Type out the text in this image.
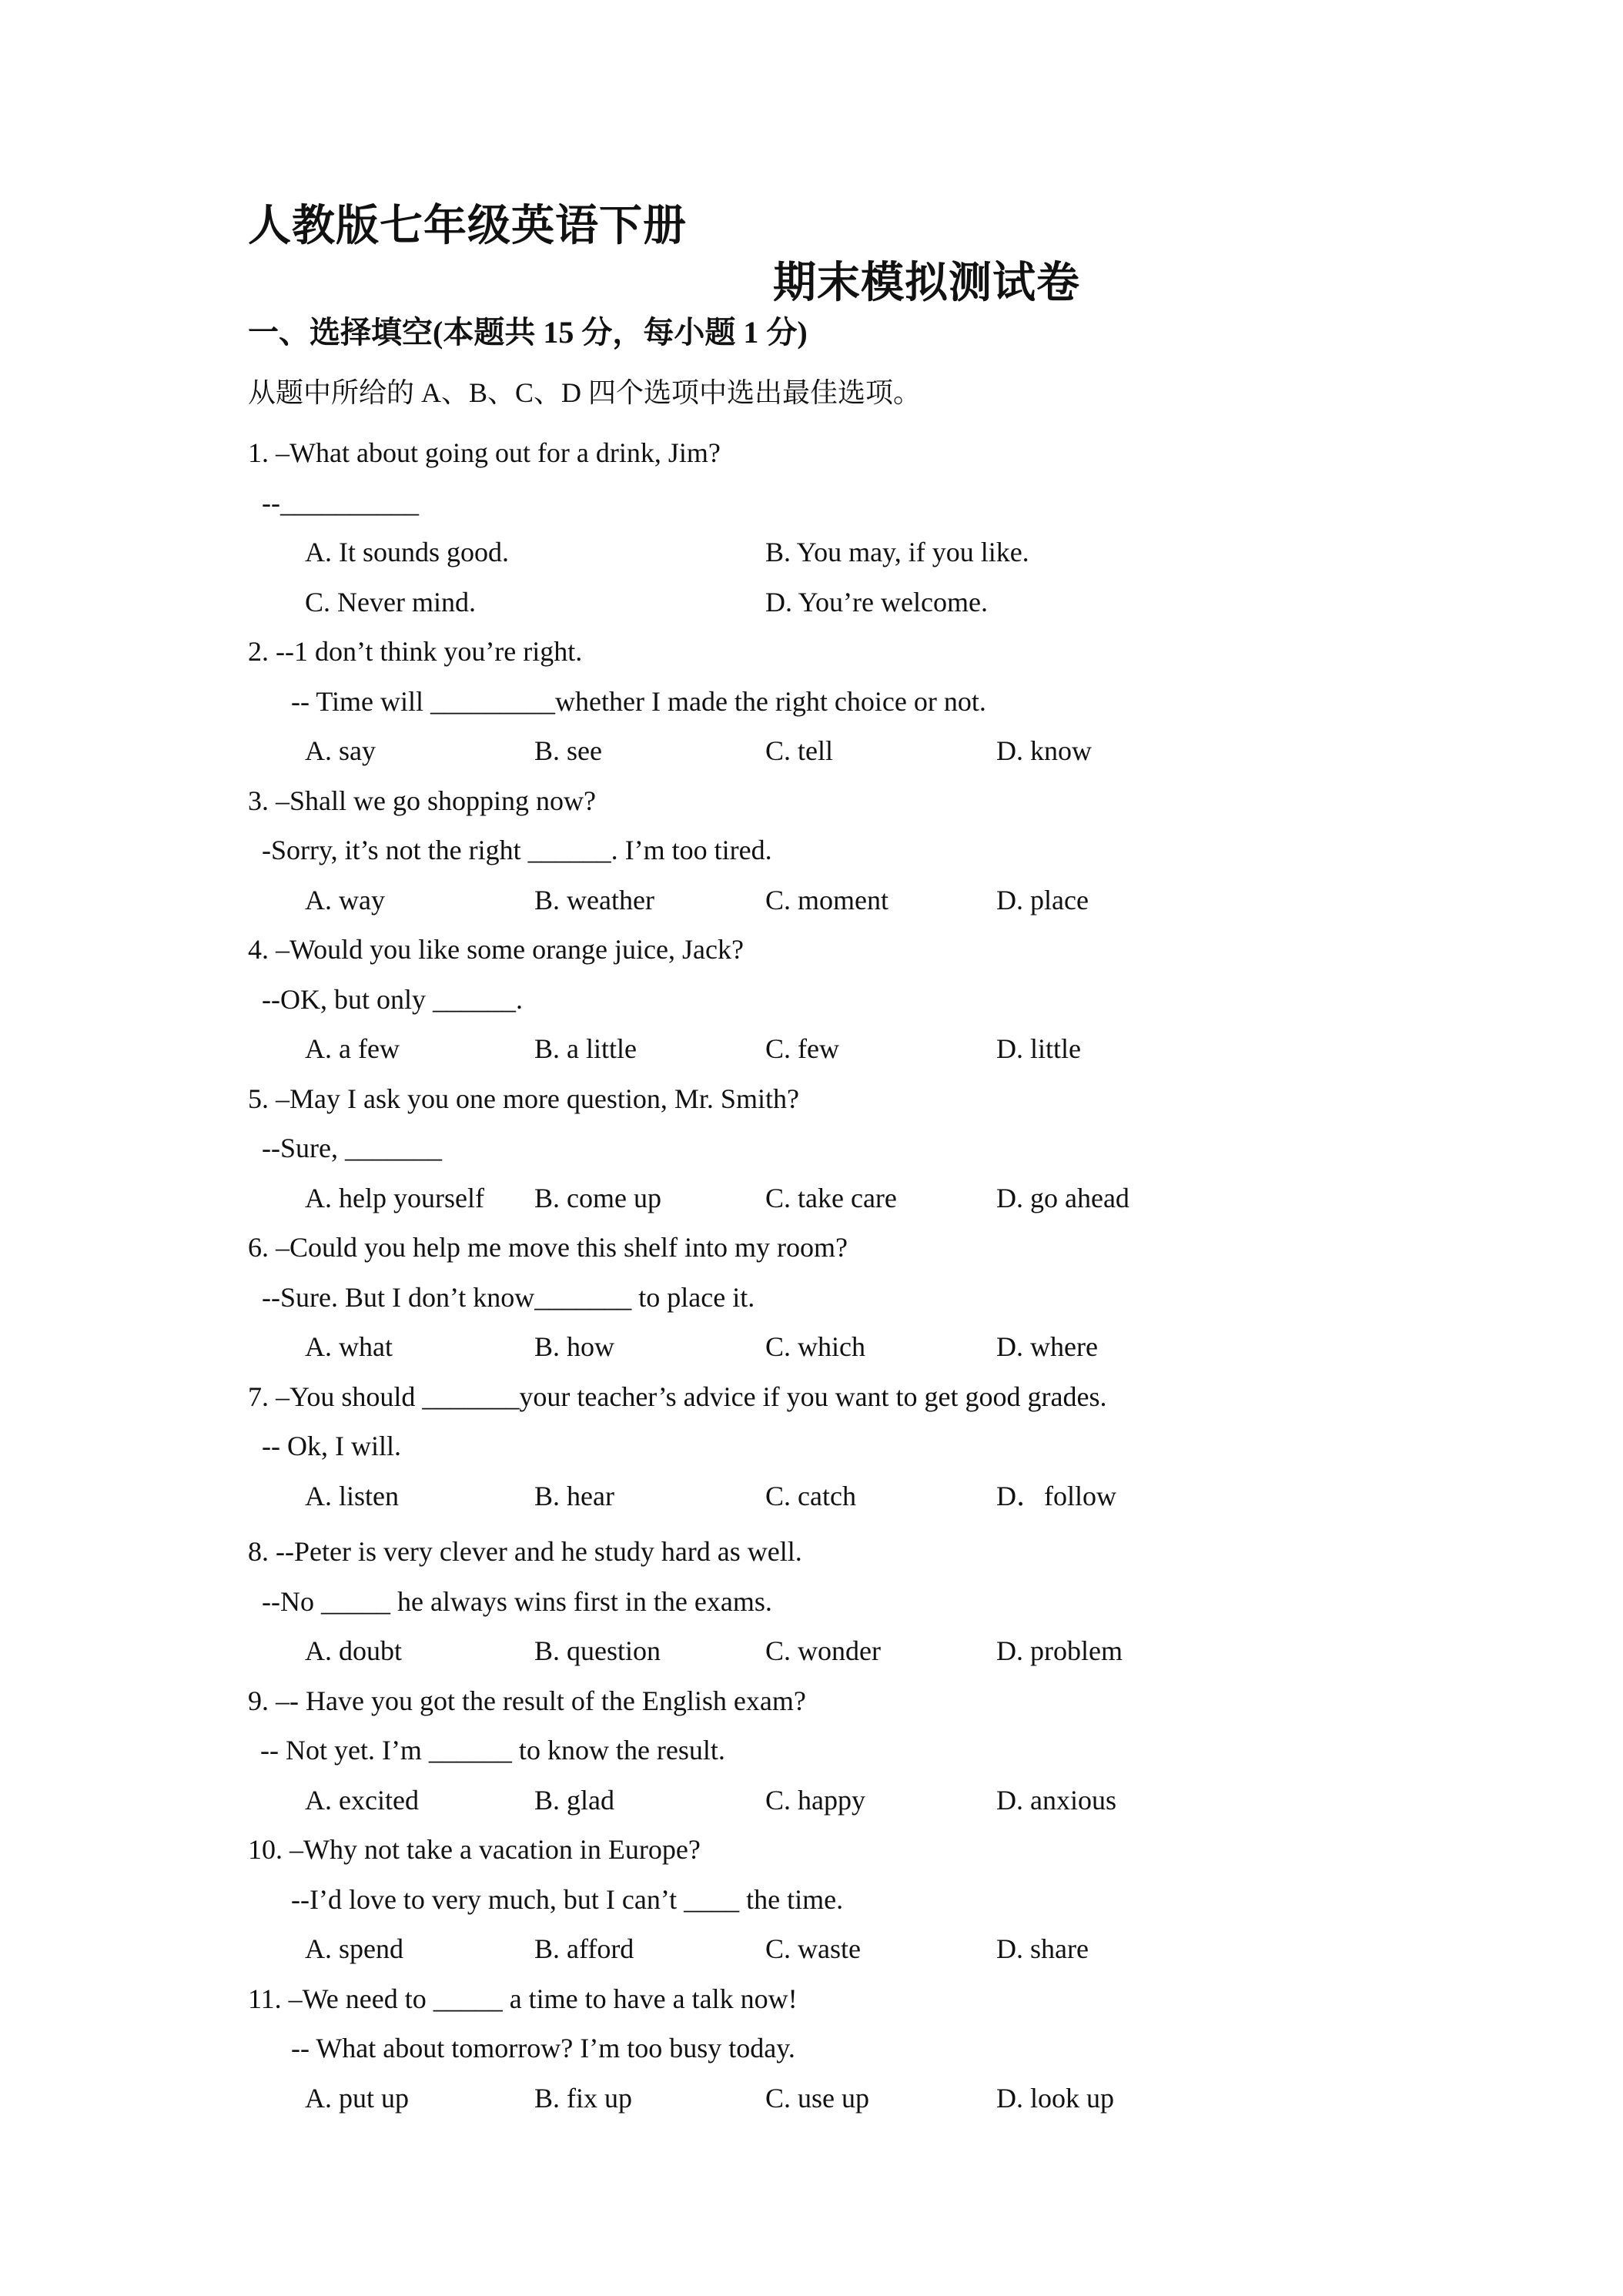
人教版七年级英语下册
期末模拟测试卷
一、选择填空(本题共 15 分，每小题 1 分)
从题中所给的 A、B、C、D 四个选项中选出最佳选项。
1. –What about going out for a drink, Jim?
--__________
A. It sounds good.	B. You may, if you like.
C. Never mind.	D. You’re welcome.
2. --1 don’t think you’re right.
-- Time will _________whether I made the right choice or not.
A. say	B. see	C. tell	D. know
3. –Shall we go shopping now?
-Sorry, it’s not the right ______. I’m too tired.
A. way	B. weather	C. moment	D. place
4. –Would you like some orange juice, Jack?
--OK, but only ______.
A. a few	B. a little	C. few	D. little
5. –May I ask you one more question, Mr. Smith?
--Sure, _______
A. help yourself B. come up	C. take care	D. go ahead
6. –Could you help me move this shelf into my room?
--Sure. But I don’t know_______ to place it.
A. what	B. how	C. which	D. where
7. –You should _______your teacher’s advice if you want to get good grades.
-- Ok, I will.
A. listen	B. hear	C. catch	D．follow
8. --Peter is very clever and he study hard as well.
--No _____ he always wins first in the exams.
A. doubt	B. question	C. wonder	D. problem
9. –- Have you got the result of the English exam?
-- Not yet. I’m ______ to know the result.
A. excited	B. glad	C. happy	D. anxious
10. –Why not take a vacation in Europe?
--I’d love to very much, but I can’t ____ the time.
A. spend	B. afford	C. waste	D. share
11. –We need to _____ a time to have a talk now!
-- What about tomorrow? I’m too busy today.
A. put up	B. fix up	C. use up	D. look up
